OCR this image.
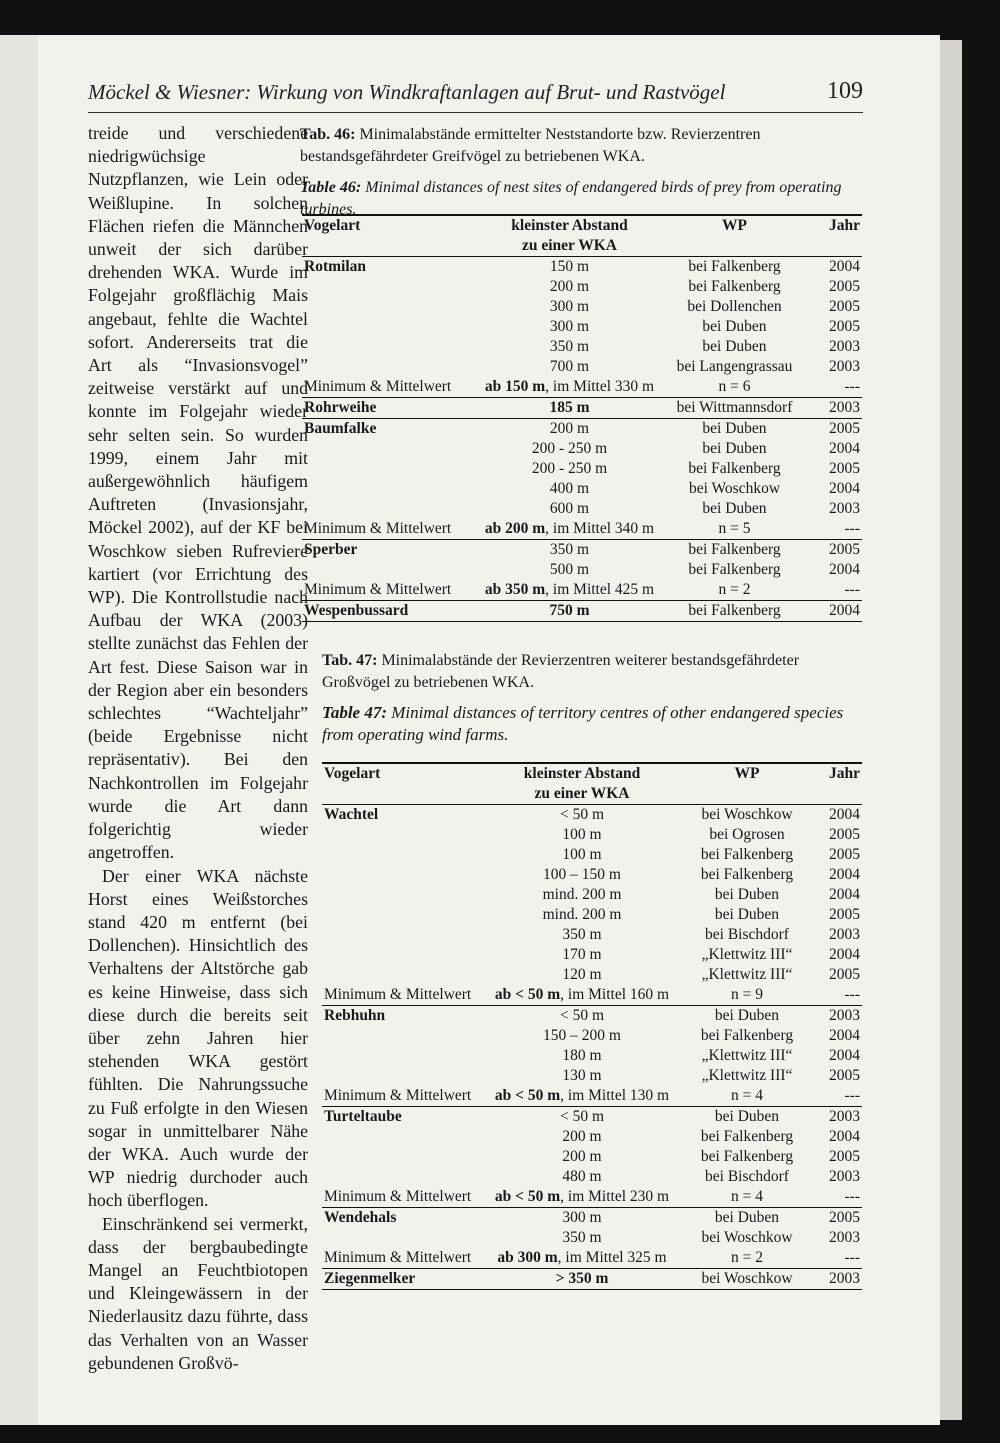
Möckel & Wiesner: Wirkung von Windkraftanlagen auf Brut- und Rastvögel	109

treide und verschiedene niedrigwüchsige Nutzpflanzen, wie Lein oder Weißlupine. In solchen Flächen riefen die Männchen unweit der sich darüber drehenden WKA. Wurde im Folgejahr großflächig Mais angebaut, fehlte die Wachtel sofort. Andererseits trat die Art als “Invasionsvogel” zeitweise verstärkt auf und konnte im Folgejahr wieder sehr selten sein. So wurden 1999, einem Jahr mit außergewöhnlich häufigem Auftreten (Invasionsjahr, Möckel 2002), auf der KF bei Woschkow sieben Rufreviere kartiert (vor Errichtung des WP). Die Kontrollstudie nach Aufbau der WKA (2003) stellte zunächst das Fehlen der Art fest. Diese Saison war in der Region aber ein besonders schlechtes “Wachteljahr” (beide Ergebnisse nicht repräsentativ). Bei den Nachkontrollen im Folgejahr wurde die Art dann folgerichtig wieder angetroffen.

Der einer WKA nächste Horst eines Weißstorches stand 420 m entfernt (bei Dollenchen). Hinsichtlich des Verhaltens der Altstörche gab es keine Hinweise, dass sich diese durch die bereits seit über zehn Jahren hier stehenden WKA gestört fühlten. Die Nahrungssuche zu Fuß erfolgte in den Wiesen sogar in unmittelbarer Nähe der WKA. Auch wurde der WP niedrig durchoder auch hoch überflogen.

Einschränkend sei vermerkt, dass der bergbaubedingte Mangel an Feuchtbiotopen und Kleingewässern in der Niederlausitz dazu führte, dass das Verhalten von an Wasser gebundenen Großvö-

Tab. 46: Minimalabstände ermittelter Neststandorte bzw. Revierzentren bestandsgefährdeter Greifvögel zu betriebenen WKA.
Table 46: Minimal distances of nest sites of endangered birds of prey from operating turbines.
Vogelart	kleinster Abstand	WP	Jahr
	zu einer WKA		
Rotmilan	150 m	bei Falkenberg	2004
	200 m	bei Falkenberg	2005
	300 m	bei Dollenchen	2005
	300 m	bei Duben	2005
	350 m	bei Duben	2003
	700 m	bei Langengrassau	2003
Minimum & Mittelwert	ab 150 m, im Mittel 330 m	n = 6	---
Rohrweihe	185 m	bei Wittmannsdorf	2003
Baumfalke	200 m	bei Duben	2005
	200 - 250 m	bei Duben	2004
	200 - 250 m	bei Falkenberg	2005
	400 m	bei Woschkow	2004
	600 m	bei Duben	2003
Minimum & Mittelwert	ab 200 m, im Mittel 340 m	n = 5	---
Sperber	350 m	bei Falkenberg	2005
	500 m	bei Falkenberg	2004
Minimum & Mittelwert	ab 350 m, im Mittel 425 m	n = 2	---
Wespenbussard	750 m	bei Falkenberg	2004
Tab. 47: Minimalabstände der Revierzentren weiterer bestandsgefährdeter Großvögel zu betriebenen WKA.
Table 47: Minimal distances of territory centres of other endangered species from operating wind farms.
Vogelart	kleinster Abstand	WP	Jahr
	zu einer WKA		
Wachtel	< 50 m	bei Woschkow	2004
	100 m	bei Ogrosen	2005
	100 m	bei Falkenberg	2005
	100 – 150 m	bei Falkenberg	2004
	mind. 200 m	bei Duben	2004
	mind. 200 m	bei Duben	2005
	350 m	bei Bischdorf	2003
	170 m	„Klettwitz III“	2004
	120 m	„Klettwitz III“	2005
Minimum & Mittelwert	ab < 50 m, im Mittel 160 m	n = 9	---
Rebhuhn	< 50 m	bei Duben	2003
	150 – 200 m	bei Falkenberg	2004
	180 m	„Klettwitz III“	2004
	130 m	„Klettwitz III“	2005
Minimum & Mittelwert	ab < 50 m, im Mittel 130 m	n = 4	---
Turteltaube	< 50 m	bei Duben	2003
	200 m	bei Falkenberg	2004
	200 m	bei Falkenberg	2005
	480 m	bei Bischdorf	2003
Minimum & Mittelwert	ab < 50 m, im Mittel 230 m	n = 4	---
Wendehals	300 m	bei Duben	2005
	350 m	bei Woschkow	2003
Minimum & Mittelwert	ab 300 m, im Mittel 325 m	n = 2	---
Ziegenmelker	> 350 m	bei Woschkow	2003
